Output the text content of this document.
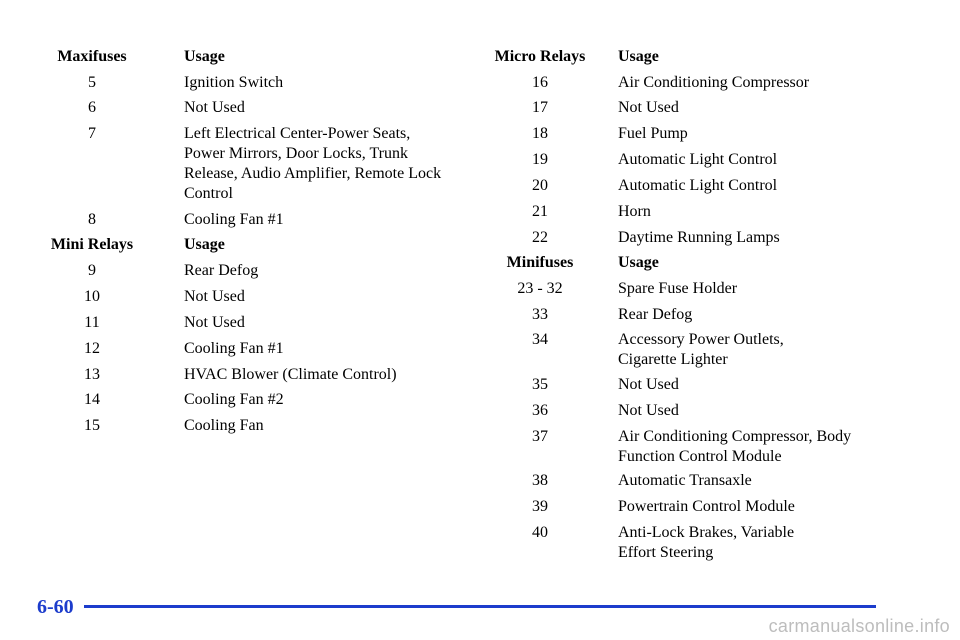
Maxifuses	Usage
5	Ignition Switch
6	Not Used
7	Left Electrical Center-Power Seats, Power Mirrors, Door Locks, Trunk Release, Audio Amplifier, Remote Lock Control
8	Cooling Fan #1
Mini Relays	Usage
9	Rear Defog
10	Not Used
11	Not Used
12	Cooling Fan #1
13	HVAC Blower (Climate Control)
14	Cooling Fan #2
15	Cooling Fan
Micro Relays	Usage
16	Air Conditioning Compressor
17	Not Used
18	Fuel Pump
19	Automatic Light Control
20	Automatic Light Control
21	Horn
22	Daytime Running Lamps
Minifuses	Usage
23 - 32	Spare Fuse Holder
33	Rear Defog
34	Accessory Power Outlets, Cigarette Lighter
35	Not Used
36	Not Used
37	Air Conditioning Compressor, Body Function Control Module
38	Automatic Transaxle
39	Powertrain Control Module
40	Anti-Lock Brakes, Variable Effort Steering
6-60
carmanualsonline.info
